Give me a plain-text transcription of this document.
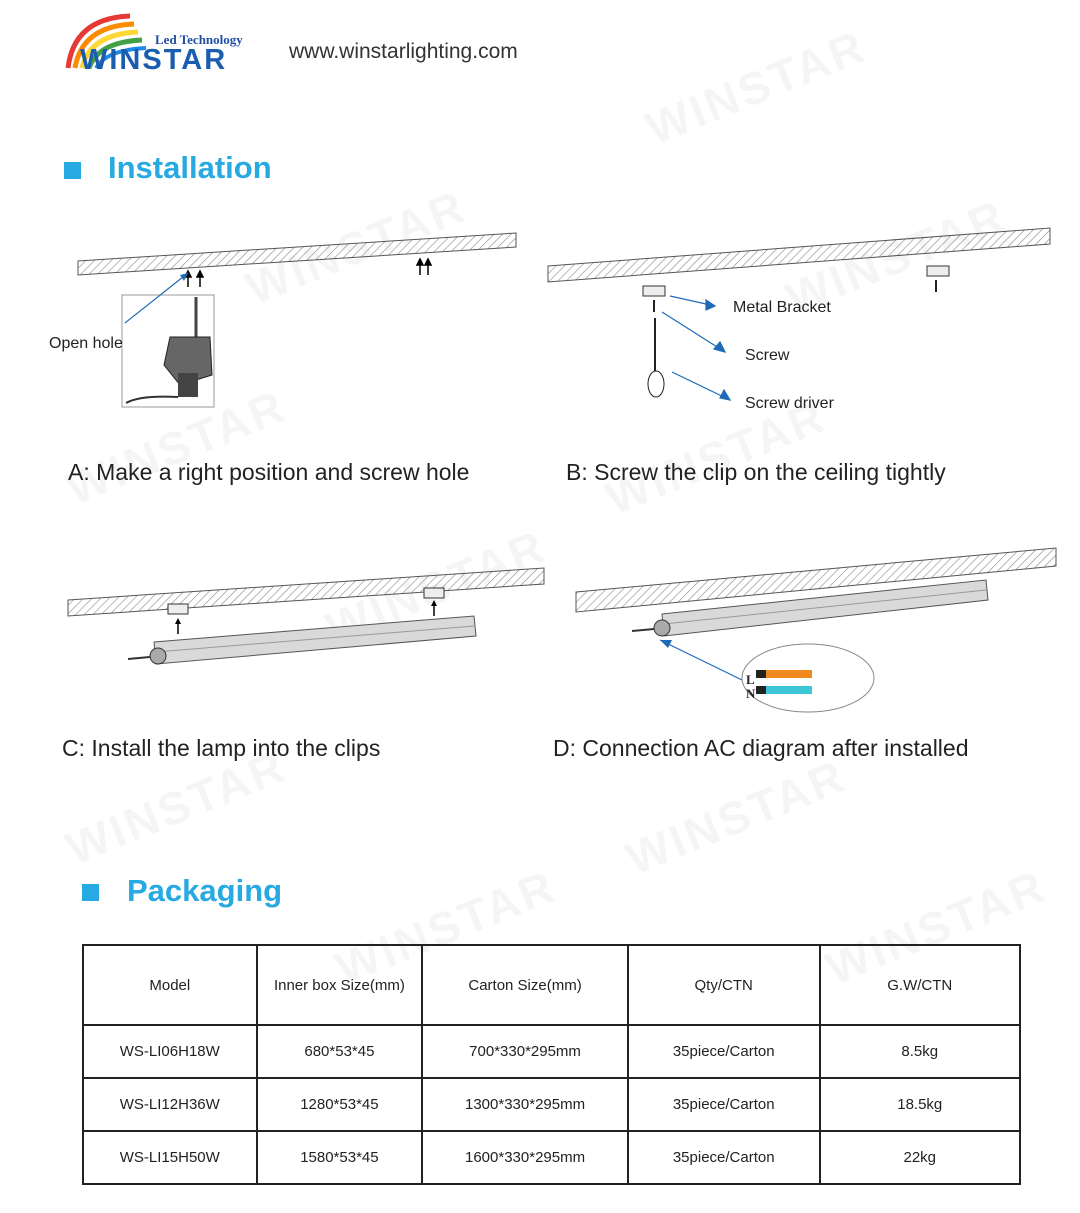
Led Technology
WINSTAR	www.winstarlighting.com
Installation
Open hole
A: Make a right position and screw hole
Metal Bracket
Screw
Screw driver
B: Screw the clip on the ceiling tightly
C: Install the lamp into the clips
L
N
D: Connection AC diagram after installed
Packaging
Model	Inner box Size(mm)	Carton Size(mm)	Qty/CTN	G.W/CTN
WS-LI06H18W	680*53*45	700*330*295mm	35piece/Carton	8.5kg
WS-LI12H36W	1280*53*45	1300*330*295mm	35piece/Carton	18.5kg
WS-LI15H50W	1580*53*45	1600*330*295mm	35piece/Carton	22kg
